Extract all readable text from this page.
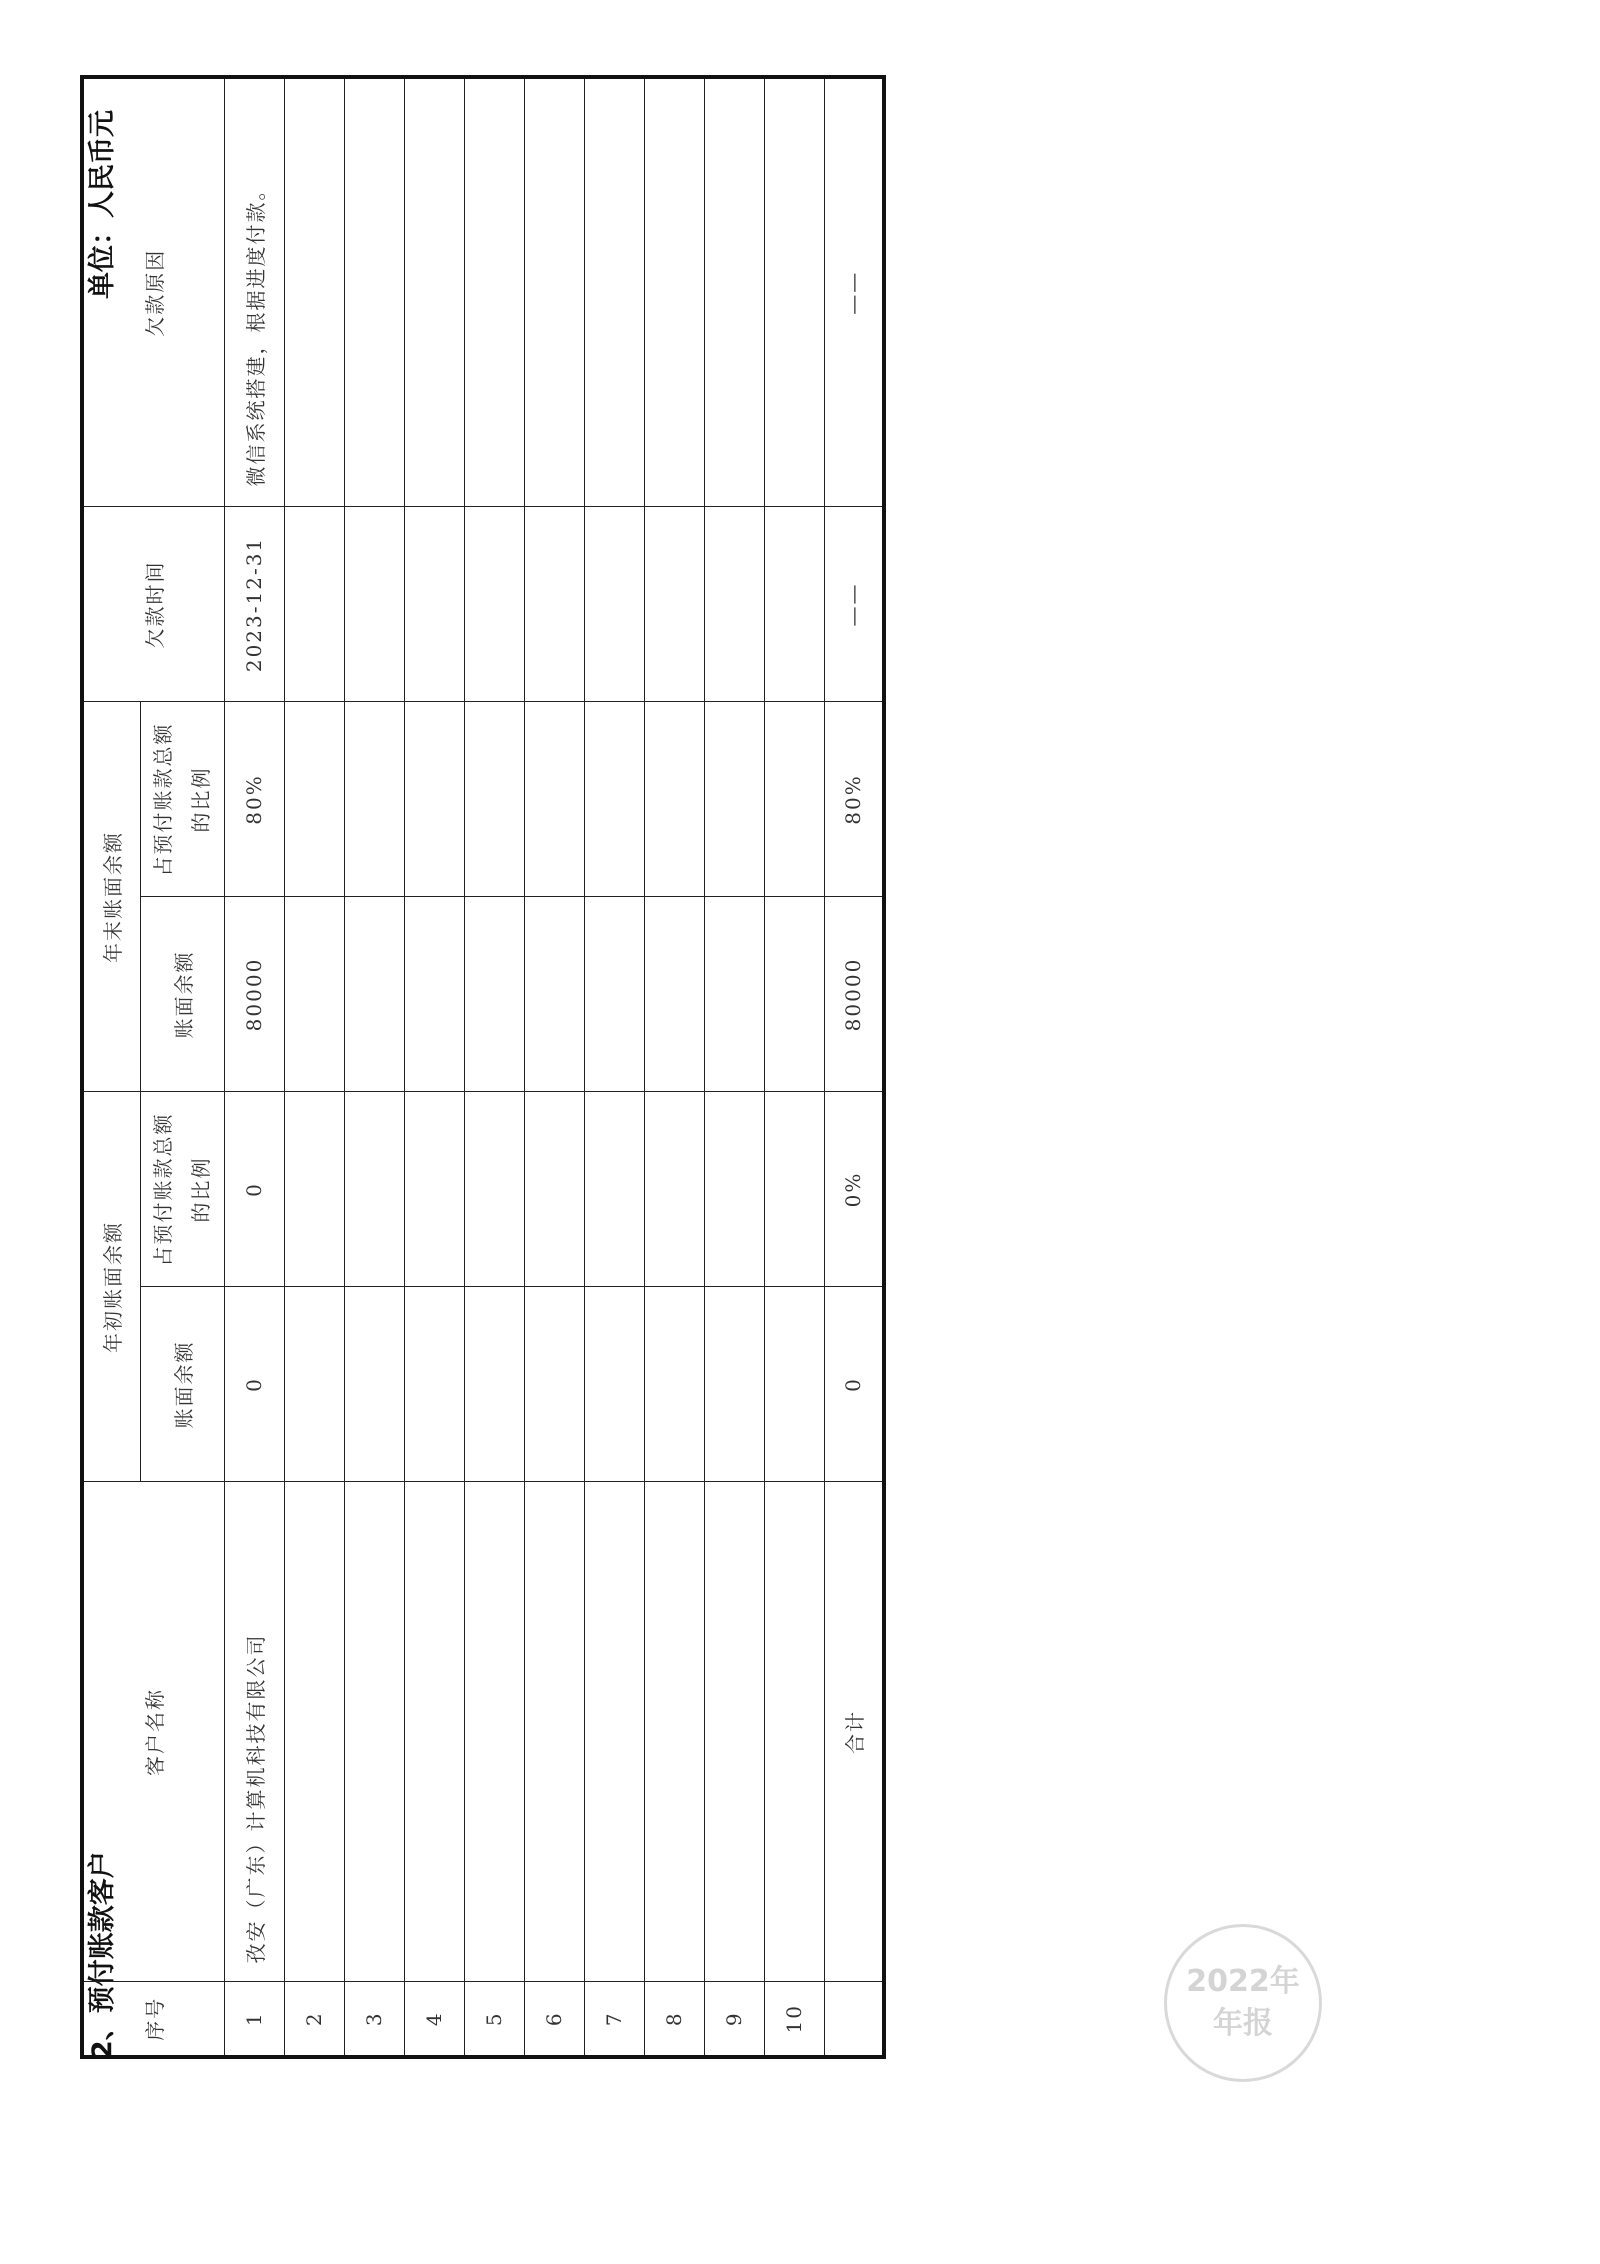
2、预付账款客户
单位：人民币元
序号	客户名称	年初账面余额		年末账面余额		欠款时间	欠款原因
		账面余额	占预付账款总额的比例	账面余额	占预付账款总额的比例		
1	孜安（广东）计算机科技有限公司	0	0	80000	80%	2023-12-31	微信系统搭建，根据进度付款。
2							
3							
4							
5							
6							
7							
8							
9							
10							
	合计	0	0%	80000	80%	——	——
2022年
年报
